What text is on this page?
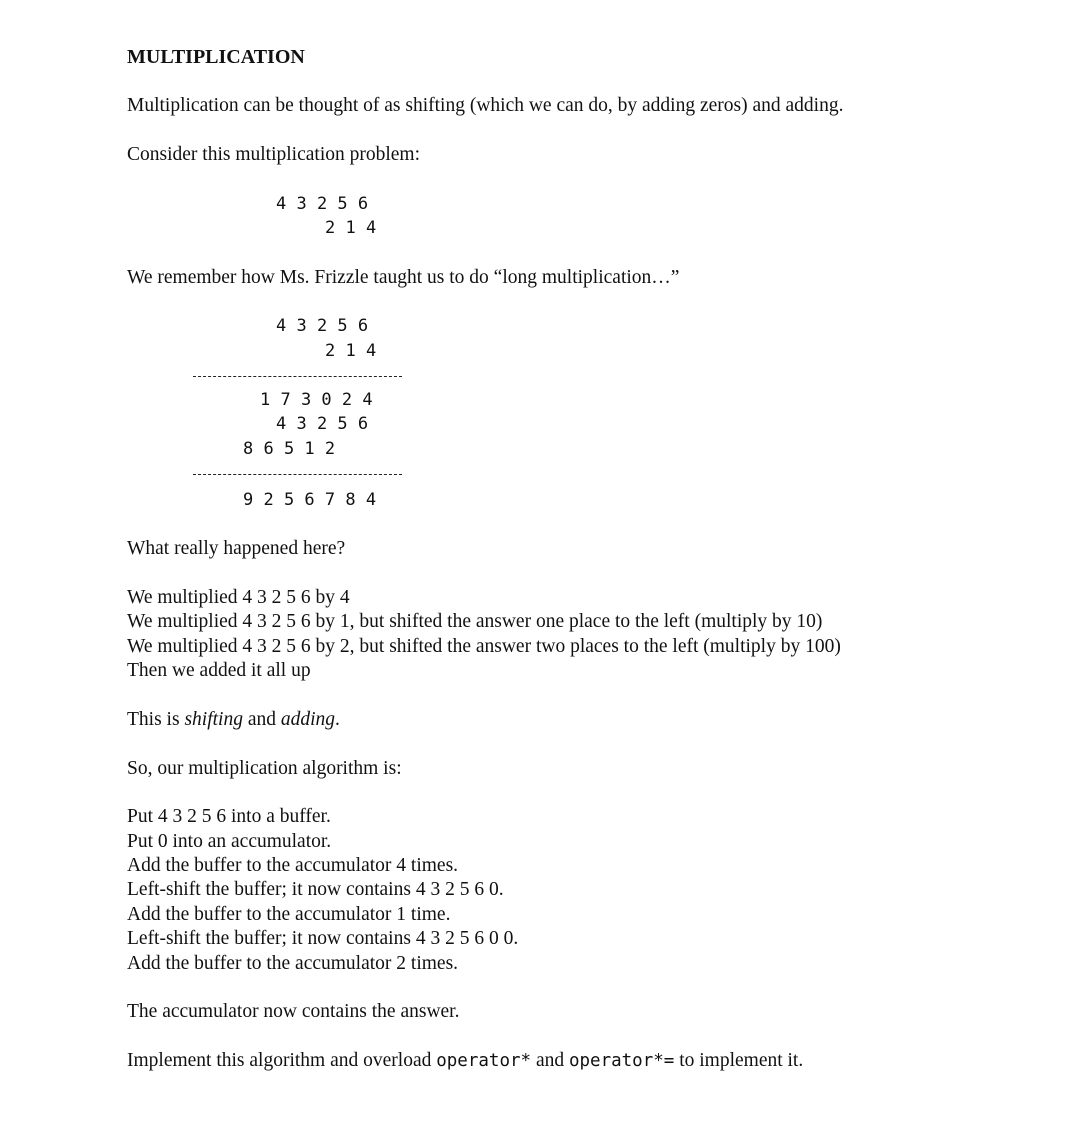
MULTIPLICATION

Multiplication can be thought of as shifting (which we can do, by adding zeros) and adding.

Consider this multiplication problem:

4 3 2 5 6

2 1 4

We remember how Ms. Frizzle taught us to do “long multiplication…”

4 3 2 5 6

2 1 4

1 7 3 0 2 4

4 3 2 5 6

8 6 5 1 2

9 2 5 6 7 8 4

What really happened here?

We multiplied 4 3 2 5 6 by 4

We multiplied 4 3 2 5 6 by 1, but shifted the answer one place to the left (multiply by 10)

We multiplied 4 3 2 5 6 by 2, but shifted the answer two places to the left (multiply by 100)

Then we added it all up

This is shifting and adding.

So, our multiplication algorithm is:

Put 4 3 2 5 6 into a buffer.

Put 0 into an accumulator.

Add the buffer to the accumulator 4 times.

Left-shift the buffer; it now contains 4 3 2 5 6 0.

Add the buffer to the accumulator 1 time.

Left-shift the buffer; it now contains 4 3 2 5 6 0 0.

Add the buffer to the accumulator 2 times.

The accumulator now contains the answer.

Implement this algorithm and overload operator* and operator*= to implement it.
